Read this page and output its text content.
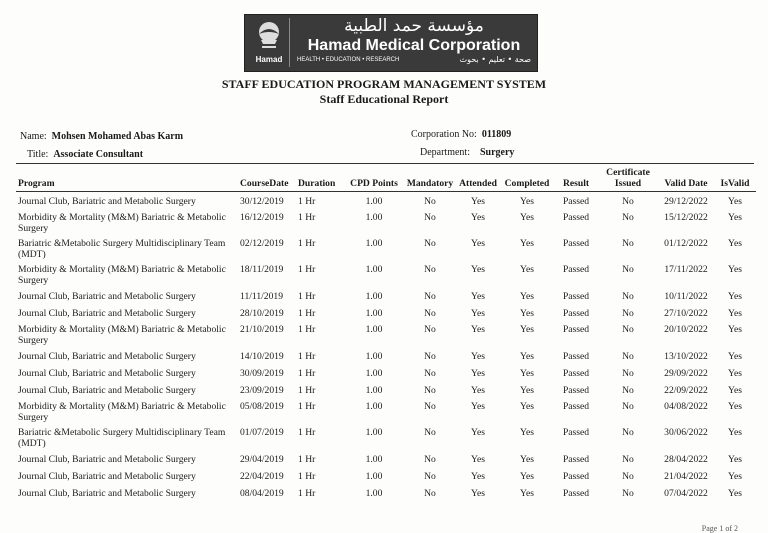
Hamad
مؤسسة حمد الطبية
Hamad Medical Corporation
HEALTH • EDUCATION • RESEARCH	صحة • تعليم • بحوث
STAFF EDUCATION PROGRAM MANAGEMENT SYSTEM
Staff Educational Report
Name: Mohsen Mohamed Abas Karm
Title: Associate Consultant
Corporation No: 011809
Department: Surgery
Program	CourseDate	Duration	CPD Points	Mandatory	Attended	Completed	Result	Certificate Issued	Valid Date	IsValid
Journal Club, Bariatric and Metabolic Surgery	30/12/2019	1 Hr	1.00	No	Yes	Yes	Passed	No	29/12/2022	Yes
Morbidity & Mortality (M&M) Bariatric & Metabolic Surgery	16/12/2019	1 Hr	1.00	No	Yes	Yes	Passed	No	15/12/2022	Yes
Bariatric &Metabolic Surgery Multidisciplinary Team (MDT)	02/12/2019	1 Hr	1.00	No	Yes	Yes	Passed	No	01/12/2022	Yes
Morbidity & Mortality (M&M) Bariatric & Metabolic Surgery	18/11/2019	1 Hr	1.00	No	Yes	Yes	Passed	No	17/11/2022	Yes
Journal Club, Bariatric and Metabolic Surgery	11/11/2019	1 Hr	1.00	No	Yes	Yes	Passed	No	10/11/2022	Yes
Journal Club, Bariatric and Metabolic Surgery	28/10/2019	1 Hr	1.00	No	Yes	Yes	Passed	No	27/10/2022	Yes
Morbidity & Mortality (M&M) Bariatric & Metabolic Surgery	21/10/2019	1 Hr	1.00	No	Yes	Yes	Passed	No	20/10/2022	Yes
Journal Club, Bariatric and Metabolic Surgery	14/10/2019	1 Hr	1.00	No	Yes	Yes	Passed	No	13/10/2022	Yes
Journal Club, Bariatric and Metabolic Surgery	30/09/2019	1 Hr	1.00	No	Yes	Yes	Passed	No	29/09/2022	Yes
Journal Club, Bariatric and Metabolic Surgery	23/09/2019	1 Hr	1.00	No	Yes	Yes	Passed	No	22/09/2022	Yes
Morbidity & Mortality (M&M) Bariatric & Metabolic Surgery	05/08/2019	1 Hr	1.00	No	Yes	Yes	Passed	No	04/08/2022	Yes
Bariatric &Metabolic Surgery Multidisciplinary Team (MDT)	01/07/2019	1 Hr	1.00	No	Yes	Yes	Passed	No	30/06/2022	Yes
Journal Club, Bariatric and Metabolic Surgery	29/04/2019	1 Hr	1.00	No	Yes	Yes	Passed	No	28/04/2022	Yes
Journal Club, Bariatric and Metabolic Surgery	22/04/2019	1 Hr	1.00	No	Yes	Yes	Passed	No	21/04/2022	Yes
Journal Club, Bariatric and Metabolic Surgery	08/04/2019	1 Hr	1.00	No	Yes	Yes	Passed	No	07/04/2022	Yes
Page 1 of 2
